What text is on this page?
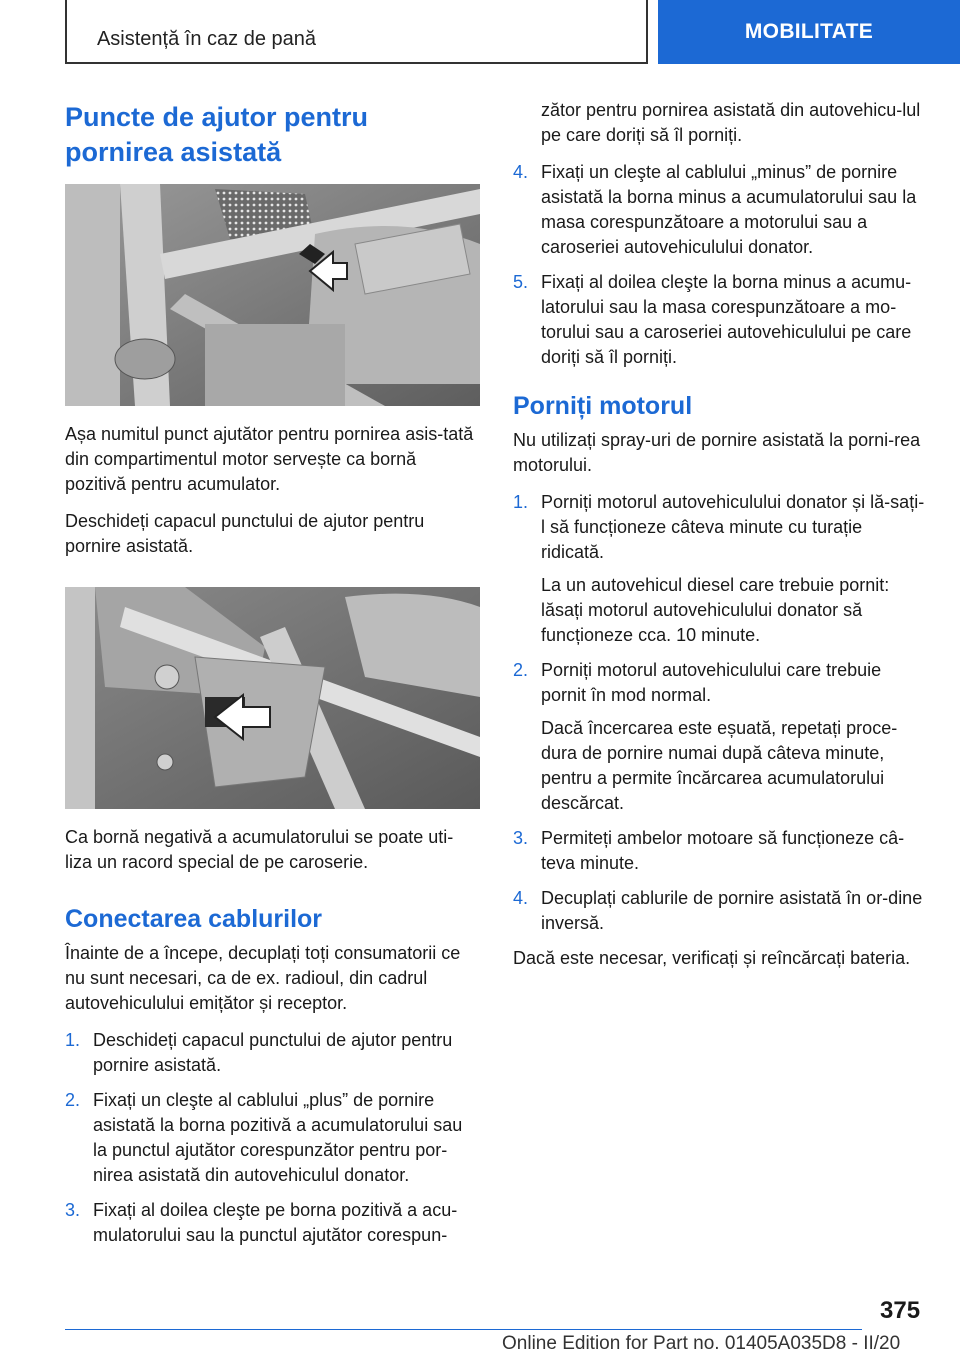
Asistență în caz de pană	MOBILITATE
Puncte de ajutor pentru pornirea asistată

Așa numitul punct ajutător pentru pornirea asis‐tată din compartimentul motor servește ca bornă pozitivă pentru acumulator.

Deschideți capacul punctului de ajutor pentru pornire asistată.

Ca bornă negativă a acumulatorului se poate uti‐liza un racord special de pe caroserie.

Conectarea cablurilor

Înainte de a începe, decuplați toți consumatorii ce nu sunt necesari, ca de ex. radioul, din cadrul autovehiculului emițător și receptor.

1. Deschideți capacul punctului de ajutor pentru pornire asistată.
2. Fixați un cleşte al cablului „plus” de pornire asistată la borna pozitivă a acumulatorului sau la punctul ajutător corespunzător pentru por‐nirea asistată din autovehiculul donator.
3. Fixați al doilea cleşte pe borna pozitivă a acu‐mulatorului sau la punctul ajutător corespun‐

zător pentru pornirea asistată din autovehicu‐lul pe care doriți să îl porniți.

4. Fixați un cleşte al cablului „minus” de pornire asistată la borna minus a acumulatorului sau la masa corespunzătoare a motorului sau a caroseriei autovehiculului donator.
5. Fixați al doilea cleşte la borna minus a acumu‐latorului sau la masa corespunzătoare a mo‐torului sau a caroseriei autovehiculului pe care doriți să îl porniți.
Porniți motorul

Nu utilizați spray-uri de pornire asistată la porni‐rea motorului.

1. Porniți motorul autovehiculului donator și lă‐sați-l să funcționeze câteva minute cu turație ridicată.
La un autovehicul diesel care trebuie pornit: lăsați motorul autovehiculului donator să funcționeze cca. 10 minute.
2. Porniți motorul autovehiculului care trebuie pornit în mod normal.
Dacă încercarea este eșuată, repetați proce‐dura de pornire numai după câteva minute, pentru a permite încărcarea acumulatorului descărcat.
3. Permiteți ambelor motoare să funcționeze câ‐teva minute.
4. Decuplați cablurile de pornire asistată în or‐dine inversă.

Dacă este necesar, verificați și reîncărcați bateria.

375
Online Edition for Part no. 01405A035D8 - II/20
